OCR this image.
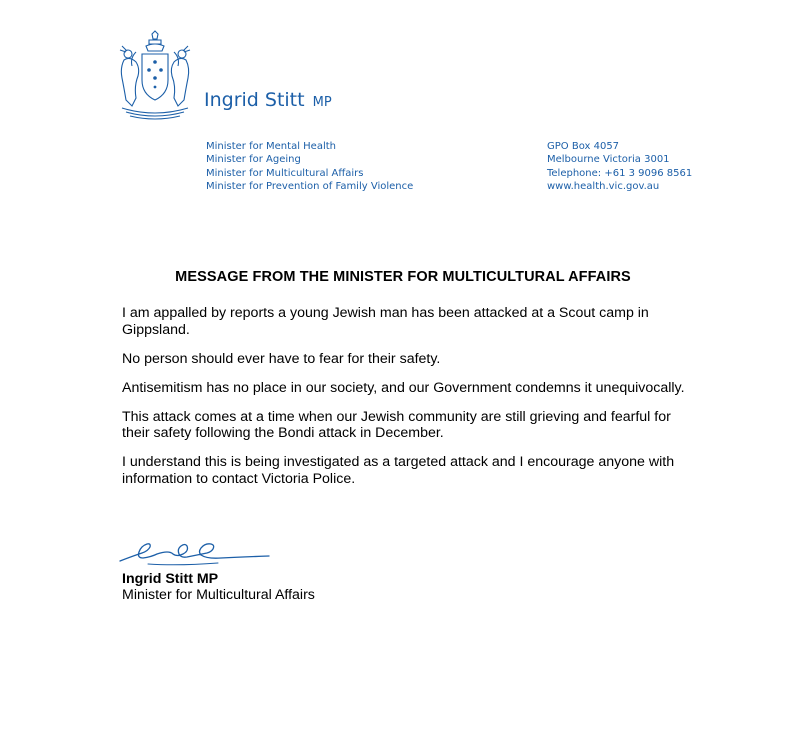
Ingrid Stitt MP
Minister for Mental Health
Minister for Ageing
Minister for Multicultural Affairs
Minister for Prevention of Family Violence
GPO Box 4057
Melbourne Victoria 3001
Telephone: +61 3 9096 8561
www.health.vic.gov.au
MESSAGE FROM THE MINISTER FOR MULTICULTURAL AFFAIRS

I am appalled by reports a young Jewish man has been attacked at a Scout camp in Gippsland.

No person should ever have to fear for their safety.

Antisemitism has no place in our society, and our Government condemns it unequivocally.

This attack comes at a time when our Jewish community are still grieving and fearful for their safety following the Bondi attack in December.

I understand this is being investigated as a targeted attack and I encourage anyone with information to contact Victoria Police.

Ingrid Stitt MP
Minister for Multicultural Affairs
